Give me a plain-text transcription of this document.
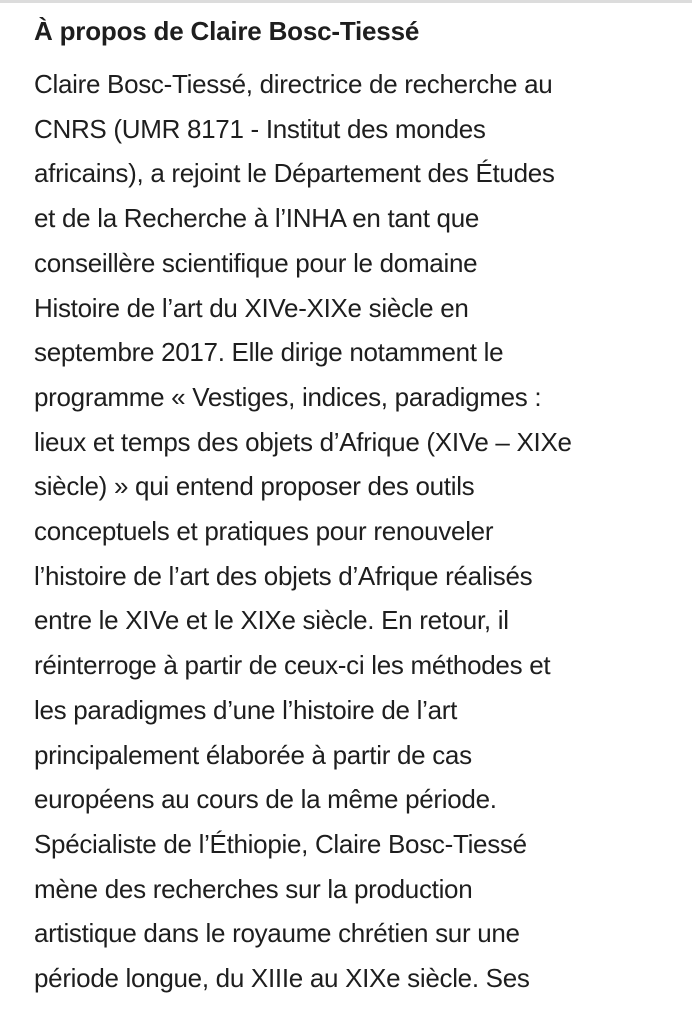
À propos de Claire Bosc-Tiessé

Claire Bosc-Tiessé, directrice de recherche au
CNRS (UMR 8171 - Institut des mondes
africains), a rejoint le Département des Études
et de la Recherche à l’INHA en tant que
conseillère scientifique pour le domaine
Histoire de l’art du XIVe-XIXe siècle en
septembre 2017. Elle dirige notamment le
programme « Vestiges, indices, paradigmes :
lieux et temps des objets d’Afrique (XIVe – XIXe
siècle) » qui entend proposer des outils
conceptuels et pratiques pour renouveler
l’histoire de l’art des objets d’Afrique réalisés
entre le XIVe et le XIXe siècle. En retour, il
réinterroge à partir de ceux-ci les méthodes et
les paradigmes d’une l’histoire de l’art
principalement élaborée à partir de cas
européens au cours de la même période.
Spécialiste de l’Éthiopie, Claire Bosc-Tiessé
mène des recherches sur la production
artistique dans le royaume chrétien sur une
période longue, du XIIIe au XIXe siècle. Ses
